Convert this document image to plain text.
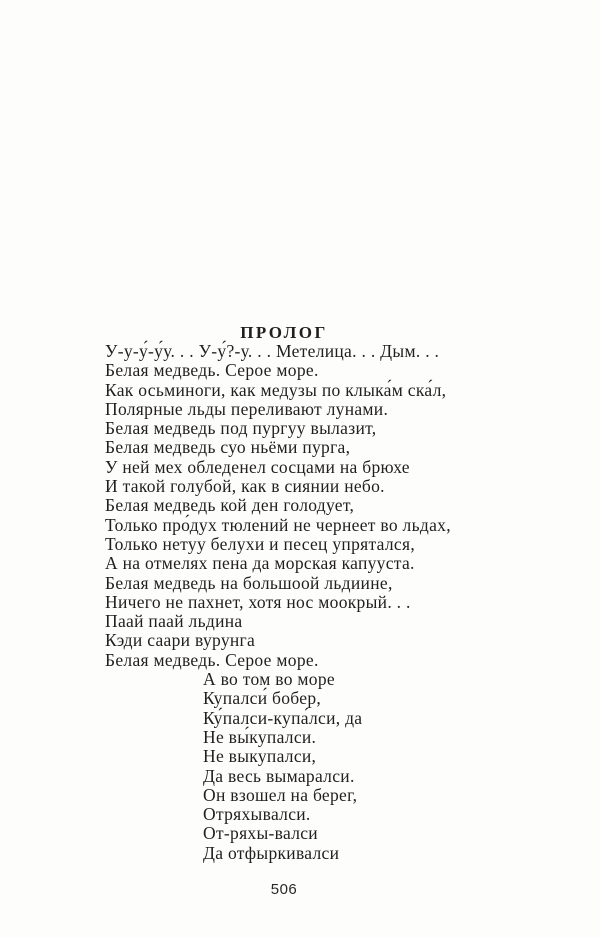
ПРОЛОГ
У-у-у́-у́у. . . У-у́?-у. . . Метелица. . . Дым. . .
Белая медведь. Серое море.
Как осьминоги, как медузы по клыка́м ска́л,
Полярные льды переливают лунами.
Белая медведь под пургуу вылазит,
Белая медведь суо ньёми пурга,
У ней мех обледенел сосцами на брюхе
И такой голубой, как в сиянии небо.
Белая медведь кой ден голодует,
Только про́дух тюлений не чернеет во льдах,
Только нетуу белухи и песец упрятался,
А на отмелях пена да морская капууста.
Белая медведь на большоой льдиине,
Ничего не пахнет, хотя нос моокрый. . .
Паай паай льдина
Кэди саари вурунга
Белая медведь. Серое море.
А во том во море
Купалси́ бобер,
Ку́палси-купа́лси, да
Не вы́купалси.
Не выкупалси,
Да весь вымаралси.
Он взошел на берег,
Отряхывалси.
От-ряхы-валси
Да отфыркивалси
506
